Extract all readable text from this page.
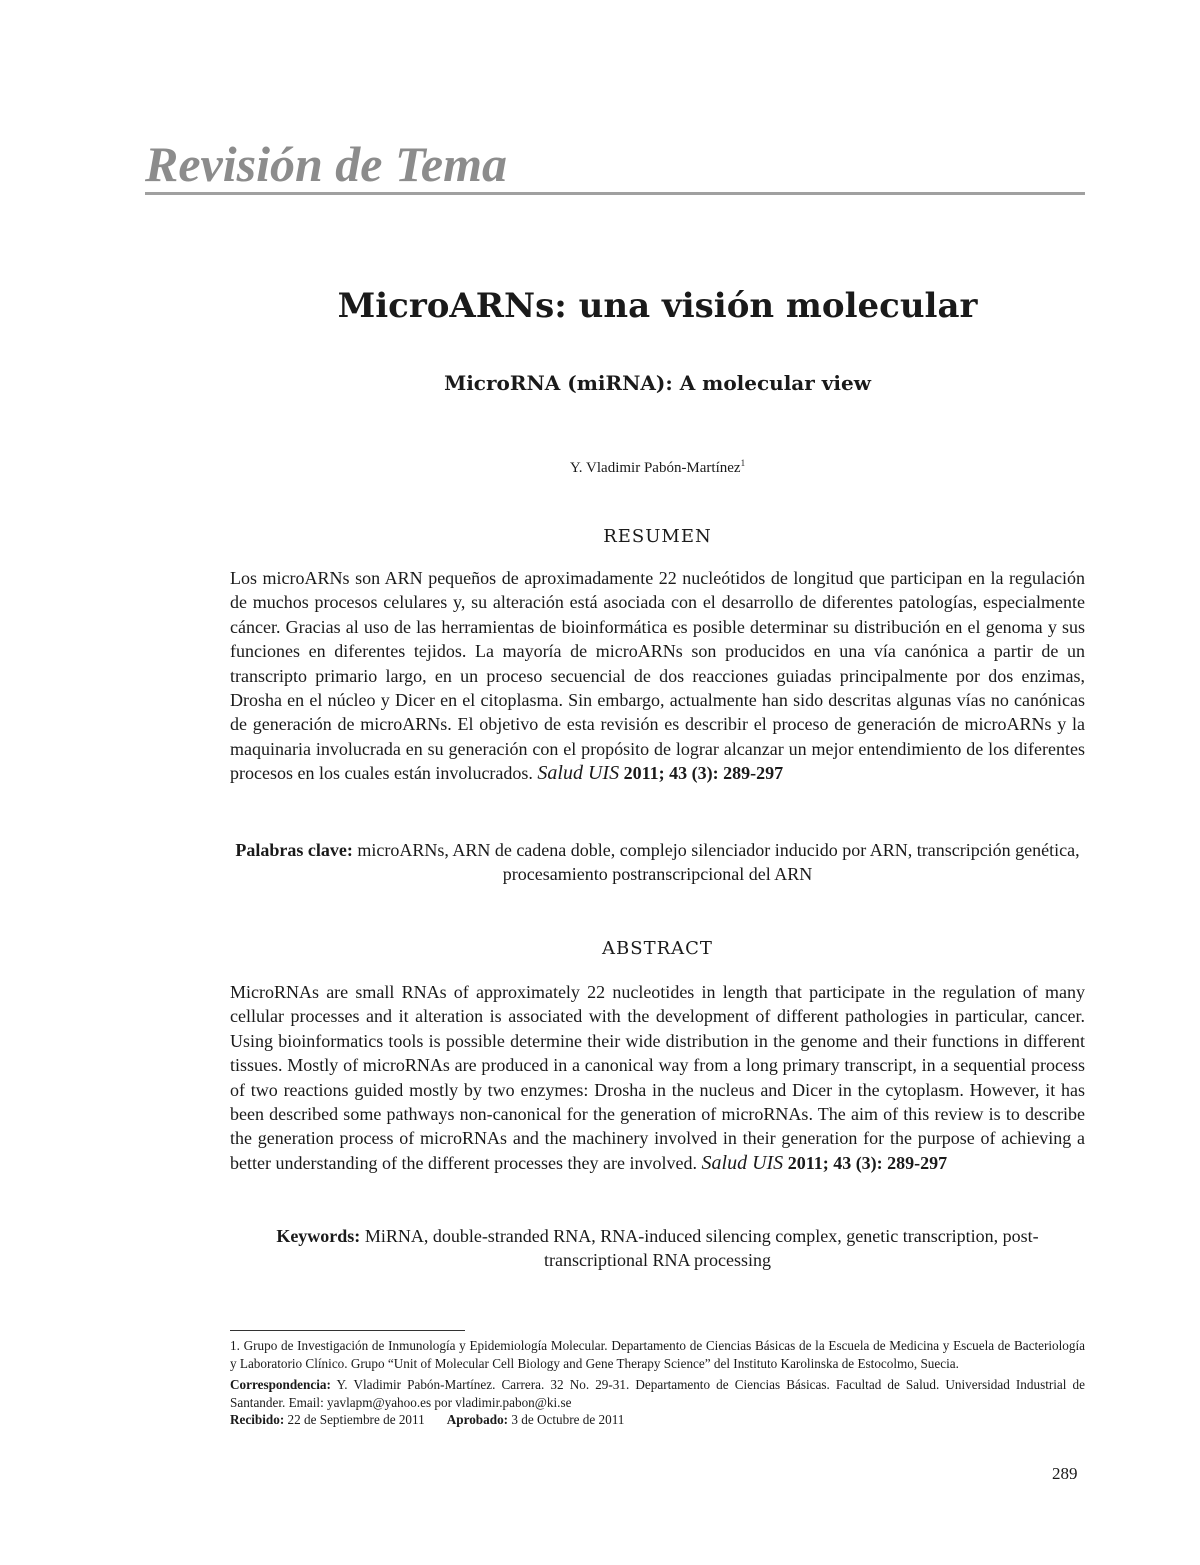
Revisión de Tema
MicroARNs: una visión molecular
MicroRNA (miRNA): A molecular view
Y. Vladimir Pabón-Martínez$^1$
RESUMEN
Los microARNs son ARN pequeños de aproximadamente 22 nucleótidos de longitud que participan en la regulación de muchos procesos celulares y, su alteración está asociada con el desarrollo de diferentes patologías, especialmente cáncer. Gracias al uso de las herramientas de bioinformática es posible determinar su distribución en el genoma y sus funciones en diferentes tejidos. La mayoría de microARNs son producidos en una vía canónica a partir de un transcripto primario largo, en un proceso secuencial de dos reacciones guiadas principalmente por dos enzimas, Drosha en el núcleo y Dicer en el citoplasma. Sin embargo, actualmente han sido descritas algunas vías no canónicas de generación de microARNs. El objetivo de esta revisión es describir el proceso de generación de microARNs y la maquinaria involucrada en su generación con el propósito de lograr alcanzar un mejor entendimiento de los diferentes procesos en los cuales están involucrados. Salud UIS 2011; 43 (3): 289-297
Palabras clave: microARNs, ARN de cadena doble, complejo silenciador inducido por ARN, transcripción genética, procesamiento postranscripcional del ARN
ABSTRACT
MicroRNAs are small RNAs of approximately 22 nucleotides in length that participate in the regulation of many cellular processes and it alteration is associated with the development of different pathologies in particular, cancer. Using bioinformatics tools is possible determine their wide distribution in the genome and their functions in different tissues. Mostly of microRNAs are produced in a canonical way from a long primary transcript, in a sequential process of two reactions guided mostly by two enzymes: Drosha in the nucleus and Dicer in the cytoplasm. However, it has been described some pathways non-canonical for the generation of microRNAs. The aim of this review is to describe the generation process of microRNAs and the machinery involved in their generation for the purpose of achieving a better understanding of the different processes they are involved. Salud UIS 2011; 43 (3): 289-297
Keywords: MiRNA, double-stranded RNA, RNA-induced silencing complex, genetic transcription, post-transcriptional RNA processing

1. Grupo de Investigación de Inmunología y Epidemiología Molecular. Departamento de Ciencias Básicas de la Escuela de Medicina y Escuela de Bacteriología y Laboratorio Clínico. Grupo “Unit of Molecular Cell Biology and Gene Therapy Science” del Instituto Karolinska de Estocolmo, Suecia.

Correspondencia: Y. Vladimir Pabón-Martínez. Carrera. 32 No. 29-31. Departamento de Ciencias Básicas. Facultad de Salud. Universidad Industrial de Santander. Email: yavlapm@yahoo.es por vladimir.pabon@ki.se

Recibido: 22 de Septiembre de 2011 Aprobado: 3 de Octubre de 2011

289
